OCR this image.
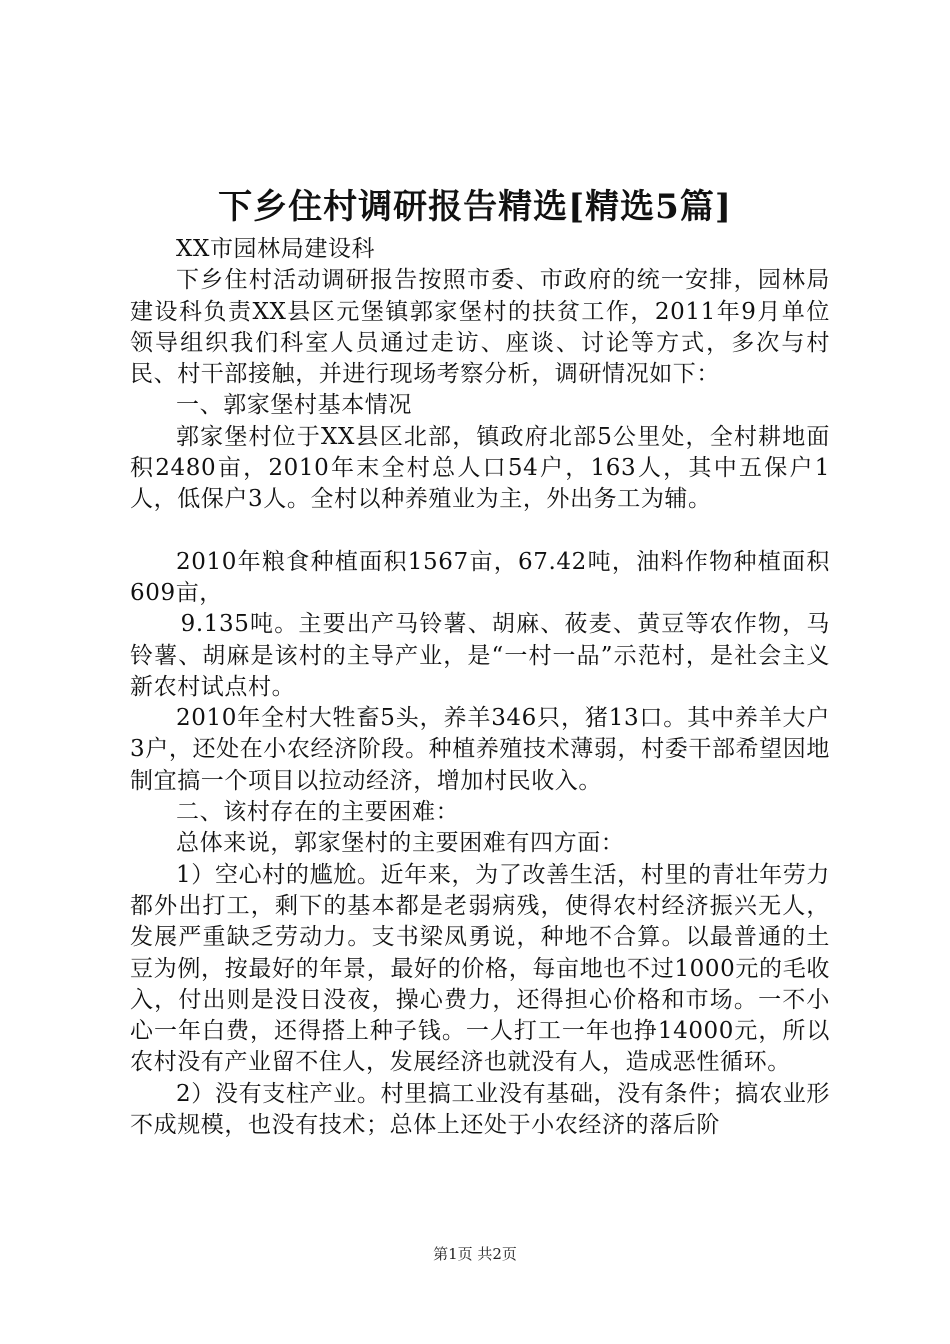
下乡住村调研报告精选[精选5篇]

XX市园林局建设科

下乡住村活动调研报告按照市委、市政府的统一安排，园林局建设科负责XX县区元堡镇郭家堡村的扶贫工作，2011年9月单位领导组织我们科室人员通过走访、座谈、讨论等方式，多次与村民、村干部接触，并进行现场考察分析，调研情况如下：

一、郭家堡村基本情况

郭家堡村位于XX县区北部，镇政府北部5公里处，全村耕地面积2480亩，2010年末全村总人口54户，163人，其中五保户1人，低保户3人。全村以种养殖业为主，外出务工为辅。

2010年粮食种植面积1567亩，67.42吨，油料作物种植面积609亩，

9.135吨。主要出产马铃薯、胡麻、莜麦、黄豆等农作物，马铃薯、胡麻是该村的主导产业，是“一村一品”示范村，是社会主义新农村试点村。

2010年全村大牲畜5头，养羊346只，猪13口。其中养羊大户3户，还处在小农经济阶段。种植养殖技术薄弱，村委干部希望因地制宜搞一个项目以拉动经济，增加村民收入。

二、该村存在的主要困难：

总体来说，郭家堡村的主要困难有四方面：

1）空心村的尴尬。近年来，为了改善生活，村里的青壮年劳力都外出打工，剩下的基本都是老弱病残，使得农村经济振兴无人，发展严重缺乏劳动力。支书梁凤勇说，种地不合算。以最普通的土豆为例，按最好的年景，最好的价格，每亩地也不过1000元的毛收入，付出则是没日没夜，操心费力，还得担心价格和市场。一不小心一年白费，还得搭上种子钱。一人打工一年也挣14000元，所以农村没有产业留不住人，发展经济也就没有人，造成恶性循环。

2）没有支柱产业。村里搞工业没有基础，没有条件；搞农业形不成规模，也没有技术；总体上还处于小农经济的落后阶

第1页 共2页
